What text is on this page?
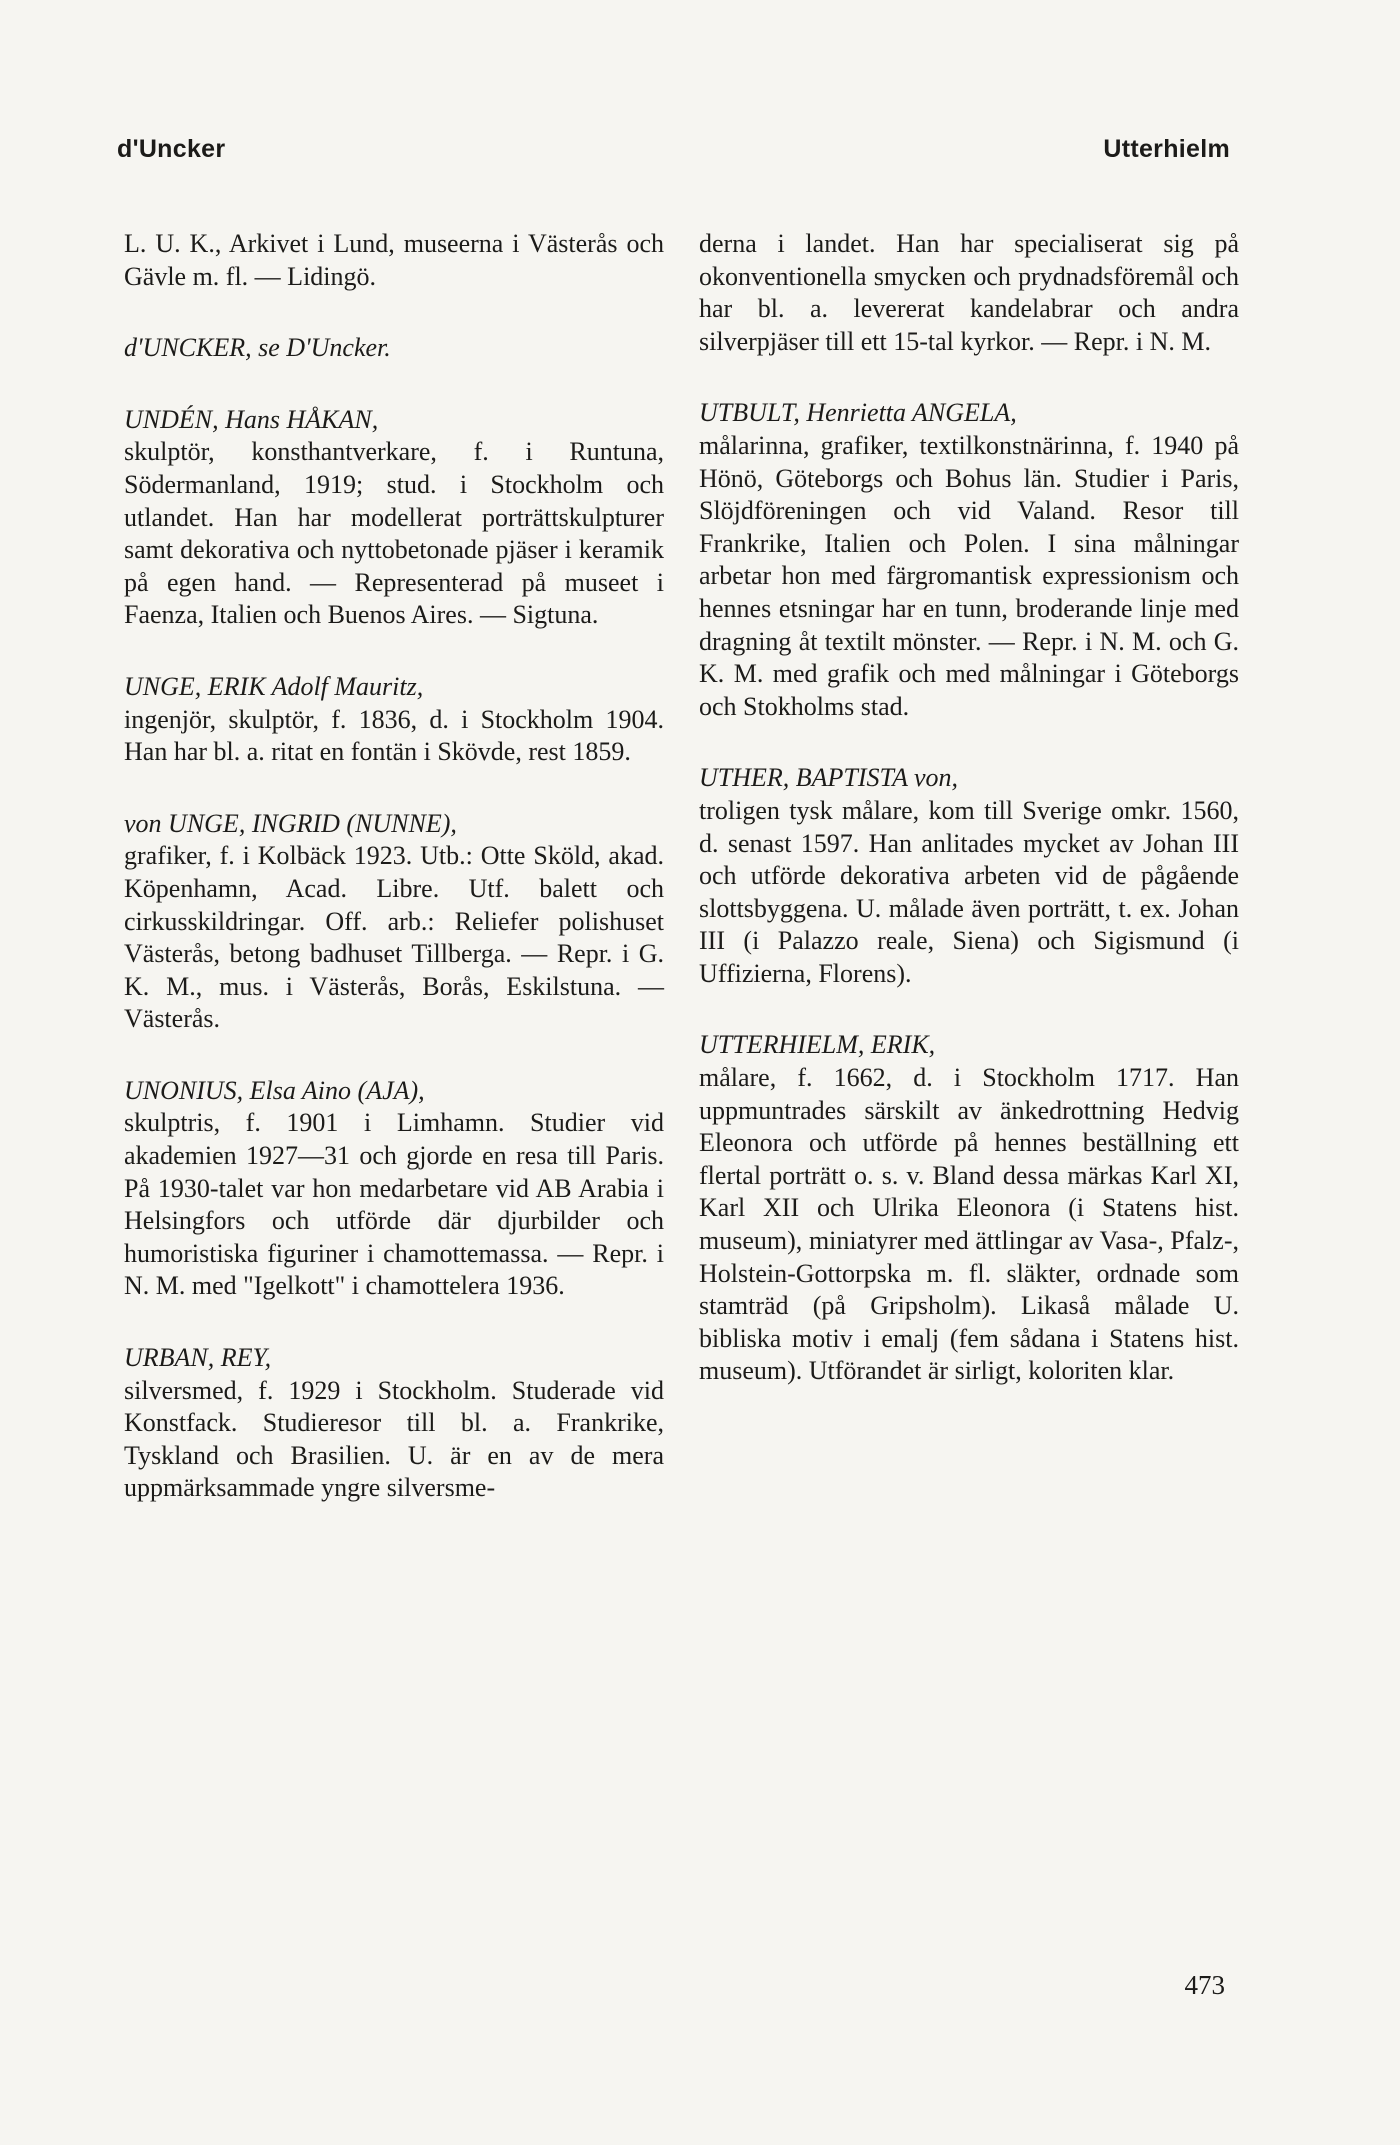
d'Uncker	Utterhielm
L. U. K., Arkivet i Lund, museerna i Västerås och Gävle m. fl. — Lidingö.
d'UNCKER, se D'Uncker.
UNDÉN, Hans HÅKAN,
skulptör, konsthantverkare, f. i Runtuna, Södermanland, 1919; stud. i Stockholm och utlandet. Han har modellerat porträttskulpturer samt dekorativa och nyttobetonade pjäser i keramik på egen hand. — Representerad på museet i Faenza, Italien och Buenos Aires. — Sigtuna.
UNGE, ERIK Adolf Mauritz,
ingenjör, skulptör, f. 1836, d. i Stockholm 1904. Han har bl. a. ritat en fontän i Skövde, rest 1859.
von UNGE, INGRID (NUNNE),
grafiker, f. i Kolbäck 1923. Utb.: Otte Sköld, akad. Köpenhamn, Acad. Libre. Utf. balett och cirkusskildringar. Off. arb.: Reliefer polishuset Västerås, betong badhuset Tillberga. — Repr. i G. K. M., mus. i Västerås, Borås, Eskilstuna. — Västerås.
UNONIUS, Elsa Aino (AJA),
skulptris, f. 1901 i Limhamn. Studier vid akademien 1927—31 och gjorde en resa till Paris. På 1930-talet var hon medarbetare vid AB Arabia i Helsingfors och utförde där djurbilder och humoristiska figuriner i chamottemassa. — Repr. i N. M. med "Igelkott" i chamottelera 1936.
URBAN, REY,
silversmed, f. 1929 i Stockholm. Studerade vid Konstfack. Studieresor till bl. a. Frankrike, Tyskland och Brasilien. U. är en av de mera uppmärksammade yngre silversme-
derna i landet. Han har specialiserat sig på okonventionella smycken och prydnadsföremål och har bl. a. levererat kandelabrar och andra silverpjäser till ett 15-tal kyrkor. — Repr. i N. M.
UTBULT, Henrietta ANGELA,
målarinna, grafiker, textilkonstnärinna, f. 1940 på Hönö, Göteborgs och Bohus län. Studier i Paris, Slöjdföreningen och vid Valand. Resor till Frankrike, Italien och Polen. I sina målningar arbetar hon med färgromantisk expressionism och hennes etsningar har en tunn, broderande linje med dragning åt textilt mönster. — Repr. i N. M. och G. K. M. med grafik och med målningar i Göteborgs och Stokholms stad.
UTHER, BAPTISTA von,
troligen tysk målare, kom till Sverige omkr. 1560, d. senast 1597. Han anlitades mycket av Johan III och utförde dekorativa arbeten vid de pågående slottsbyggena. U. målade även porträtt, t. ex. Johan III (i Palazzo reale, Siena) och Sigismund (i Uffizierna, Florens).
UTTERHIELM, ERIK,
målare, f. 1662, d. i Stockholm 1717. Han uppmuntrades särskilt av änkedrottning Hedvig Eleonora och utförde på hennes beställning ett flertal porträtt o. s. v. Bland dessa märkas Karl XI, Karl XII och Ulrika Eleonora (i Statens hist. museum), miniatyrer med ättlingar av Vasa-, Pfalz-, Holstein-Gottorpska m. fl. släkter, ordnade som stamträd (på Gripsholm). Likaså målade U. bibliska motiv i emalj (fem sådana i Statens hist. museum). Utförandet är sirligt, koloriten klar.
473
